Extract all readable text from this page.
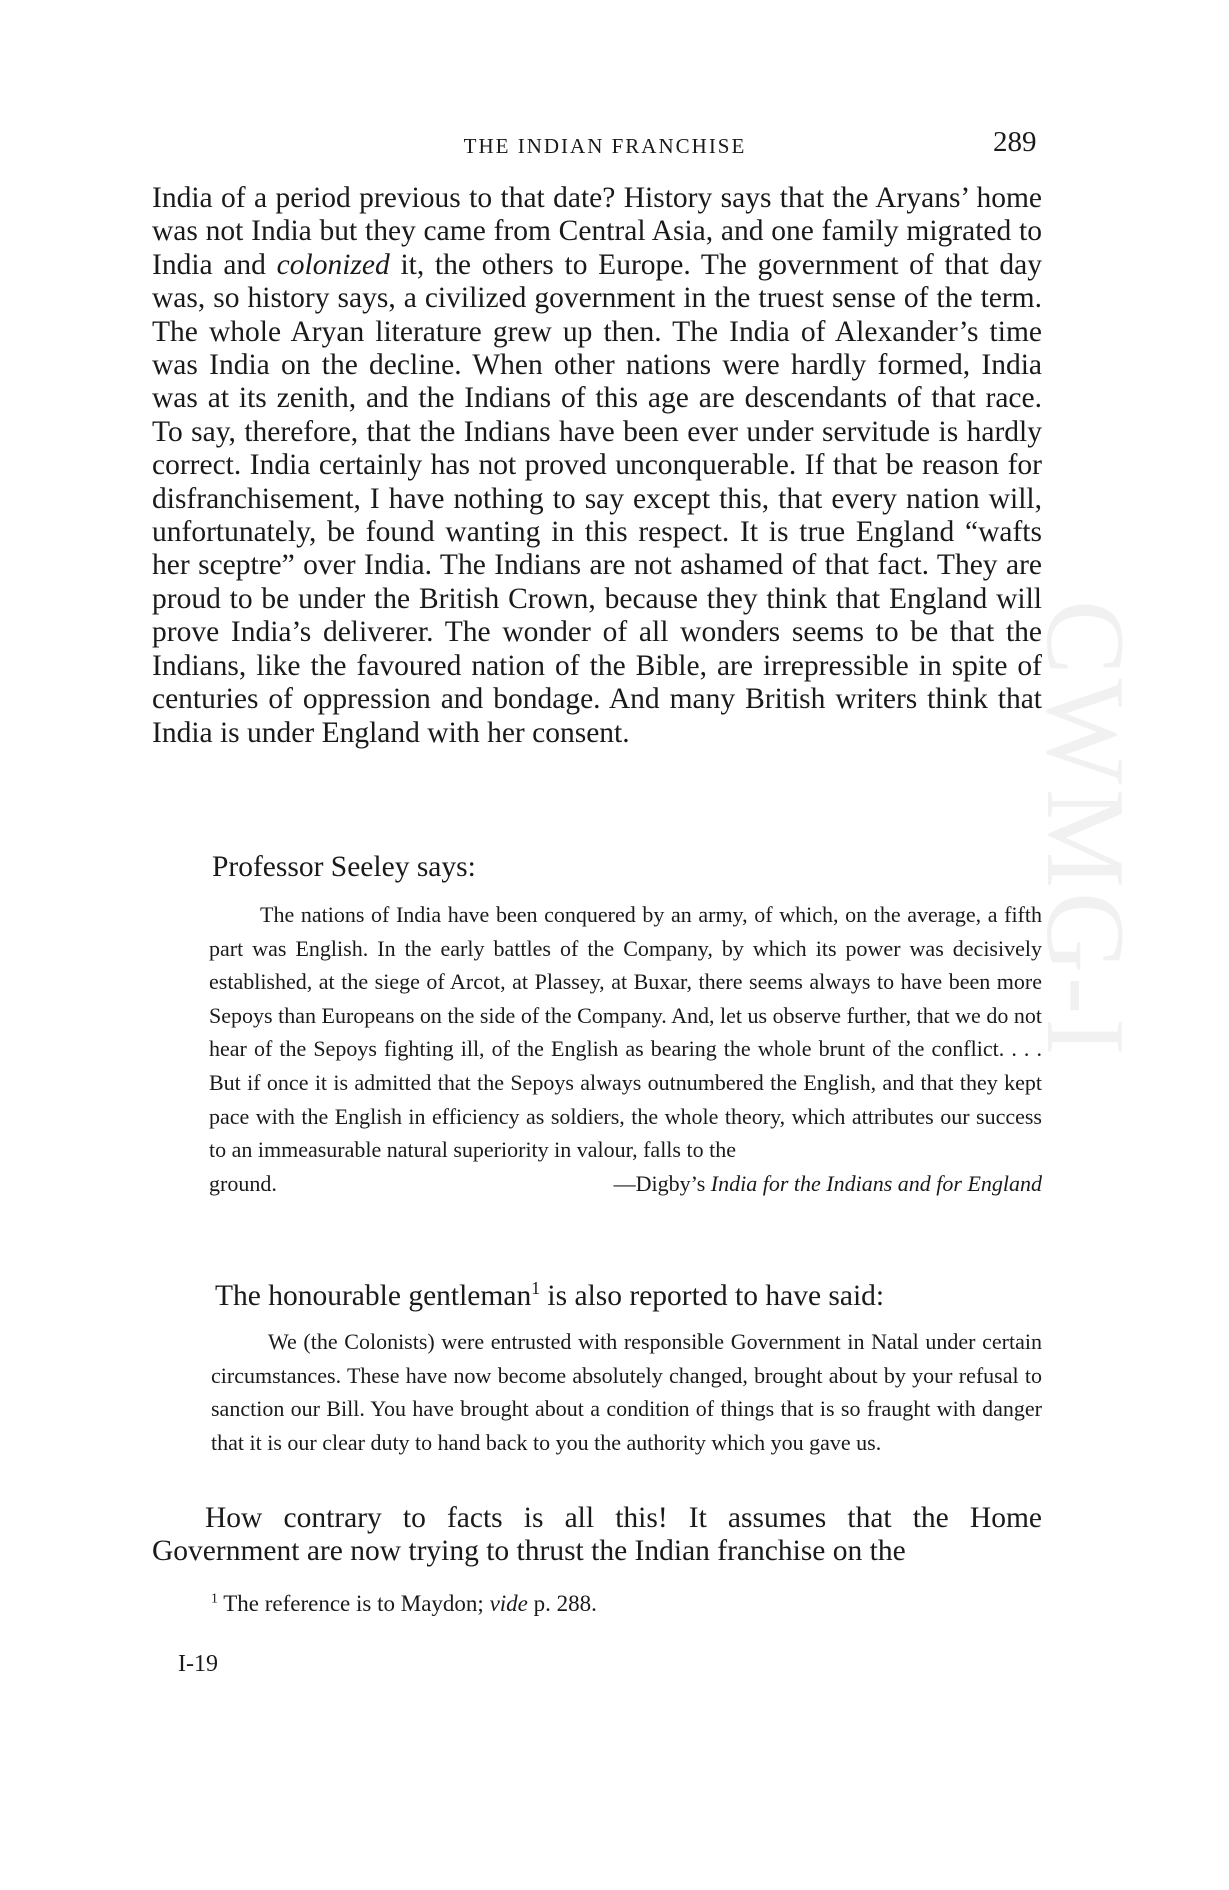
CWMG-I
THE INDIAN FRANCHISE	289

India of a period previous to that date? History says that the Aryans’ home was not India but they came from Central Asia, and one family migrated to India and colonized it, the others to Europe. The government of that day was, so history says, a civilized government in the truest sense of the term. The whole Aryan literature grew up then. The India of Alexander’s time was India on the decline. When other nations were hardly formed, India was at its zenith, and the Indians of this age are descendants of that race. To say, therefore, that the Indians have been ever under servitude is hardly correct. India certainly has not proved unconquerable. If that be reason for disfranchisement, I have nothing to say except this, that every nation will, unfortunately, be found wanting in this respect. It is true England “wafts her sceptre” over India. The Indians are not ashamed of that fact. They are proud to be under the British Crown, because they think that England will prove India’s deliverer. The wonder of all wonders seems to be that the Indians, like the favoured nation of the Bible, are irrepressible in spite of centuries of oppression and bondage. And many British writers think that India is under England with her consent.

Professor Seeley says:

The nations of India have been conquered by an army, of which, on the average, a fifth part was English. In the early battles of the Company, by which its power was decisively established, at the siege of Arcot, at Plassey, at Buxar, there seems always to have been more Sepoys than Europeans on the side of the Company. And, let us observe further, that we do not hear of the Sepoys fighting ill, of the English as bearing the whole brunt of the conflict. . . . But if once it is admitted that the Sepoys always outnumbered the English, and that they kept pace with the English in efficiency as soldiers, the whole theory, which attributes our success to an immeasurable natural superiority in valour, falls to the
ground.	—Digby’s India for the Indians and for England

The honourable gentleman$^1$ is also reported to have said:

We (the Colonists) were entrusted with responsible Government in Natal under certain circumstances. These have now become absolutely changed, brought about by your refusal to sanction our Bill. You have brought about a condition of things that is so fraught with danger that it is our clear duty to hand back to you the authority which you gave us.

How contrary to facts is all this! It assumes that the Home Government are now trying to thrust the Indian franchise on the

$^1$ The reference is to Maydon; vide p. 288.
I-19
